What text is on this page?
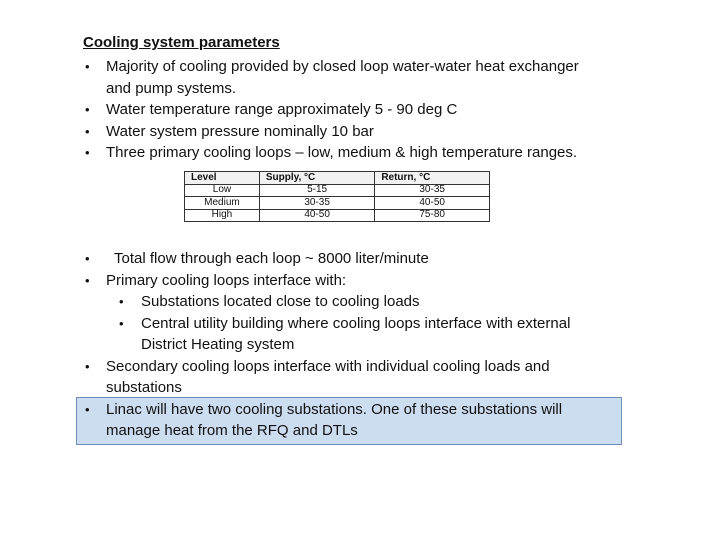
Cooling system parameters
• Majority of cooling provided by closed loop water-water heat exchanger
and pump systems.
• Water temperature range approximately 5 - 90 deg C
• Water system pressure nominally 10 bar
• Three primary cooling loops – low, medium & high temperature ranges.
Level	Supply, °C	Return, °C
Low	5-15	30-35
Medium	30-35	40-50
High	40-50	75-80
• Total flow through each loop ~ 8000 liter/minute
• Primary cooling loops interface with:
• Substations located close to cooling loads
• Central utility building where cooling loops interface with external
District Heating system
• Secondary cooling loops interface with individual cooling loads and
substations
• Linac will have two cooling substations. One of these substations will
manage heat from the RFQ and DTLs
